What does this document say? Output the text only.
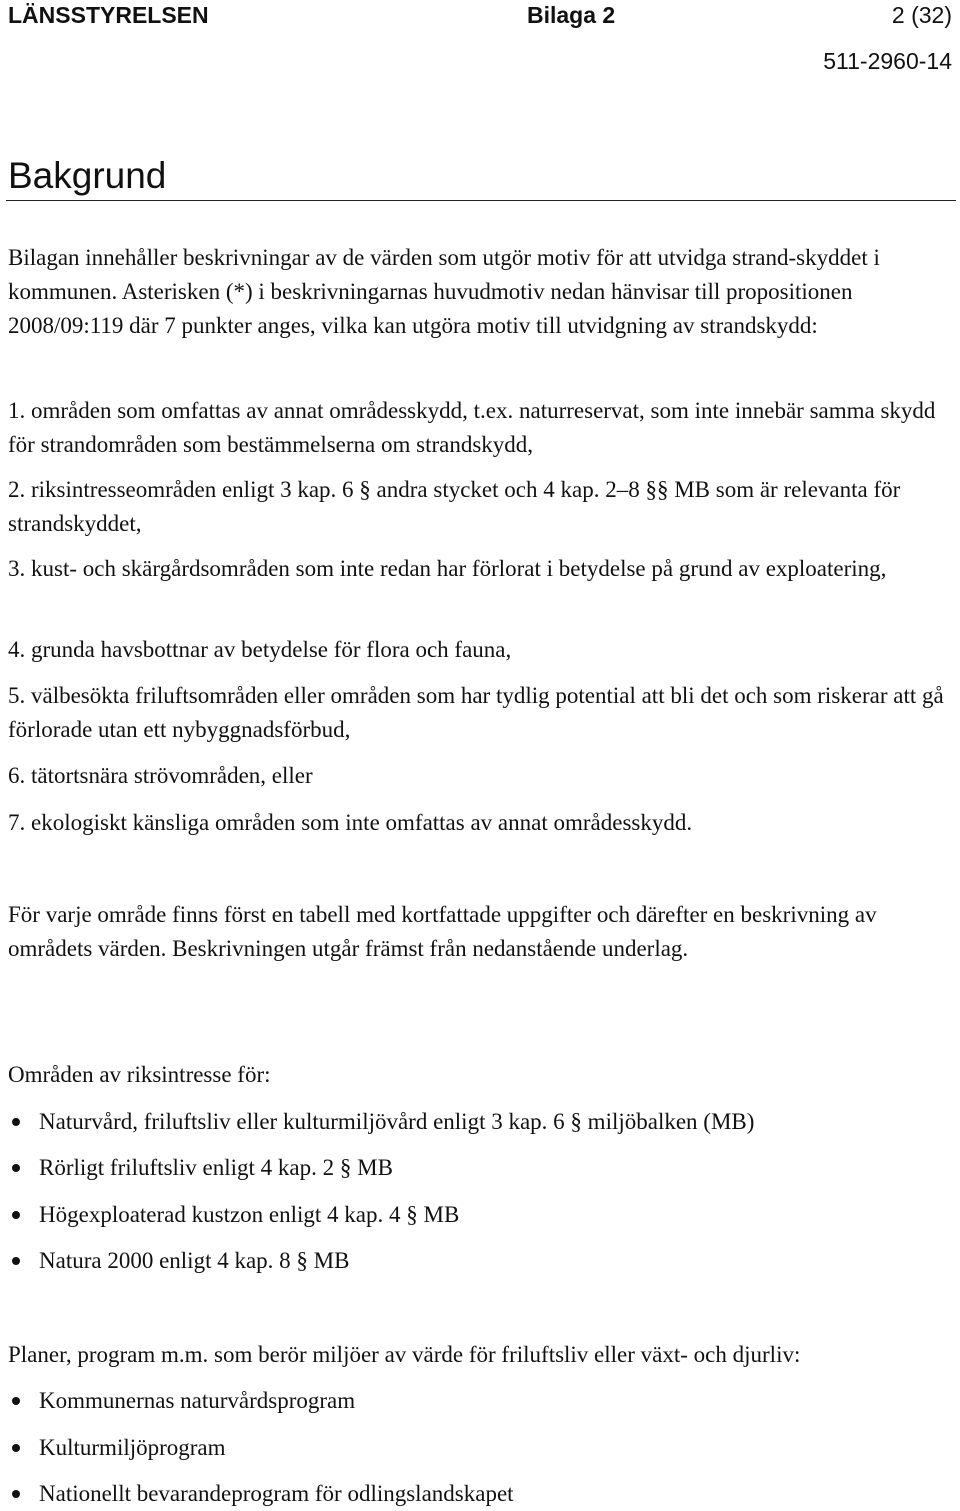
LÄNSSTYRELSEN	Bilaga 2	2 (32)
511-2960-14
Bakgrund

Bilagan innehåller beskrivningar av de värden som utgör motiv för att utvidga strand-skyddet i kommunen. Asterisken (*) i beskrivningarnas huvudmotiv nedan hänvisar till propositionen 2008/09:119 där 7 punkter anges, vilka kan utgöra motiv till utvidgning av strandskydd:

1. områden som omfattas av annat områdesskydd, t.ex. naturreservat, som inte innebär samma skydd för strandområden som bestämmelserna om strandskydd,

2. riksintresseområden enligt 3 kap. 6 § andra stycket och 4 kap. 2–8 §§ MB som är relevanta för strandskyddet,

3. kust- och skärgårdsområden som inte redan har förlorat i betydelse på grund av exploatering,

4. grunda havsbottnar av betydelse för flora och fauna,

5. välbesökta friluftsområden eller områden som har tydlig potential att bli det och som riskerar att gå förlorade utan ett nybyggnadsförbud,

6. tätortsnära strövområden, eller

7. ekologiskt känsliga områden som inte omfattas av annat områdesskydd.

För varje område finns först en tabell med kortfattade uppgifter och därefter en beskrivning av områdets värden. Beskrivningen utgår främst från nedanstående underlag.

Områden av riksintresse för:

Naturvård, friluftsliv eller kulturmiljövård enligt 3 kap. 6 § miljöbalken (MB)
Rörligt friluftsliv enligt 4 kap. 2 § MB
Högexploaterad kustzon enligt 4 kap. 4 § MB
Natura 2000 enligt 4 kap. 8 § MB

Planer, program m.m. som berör miljöer av värde för friluftsliv eller växt- och djurliv:

Kommunernas naturvårdsprogram
Kulturmiljöprogram
Nationellt bevarandeprogram för odlingslandskapet
